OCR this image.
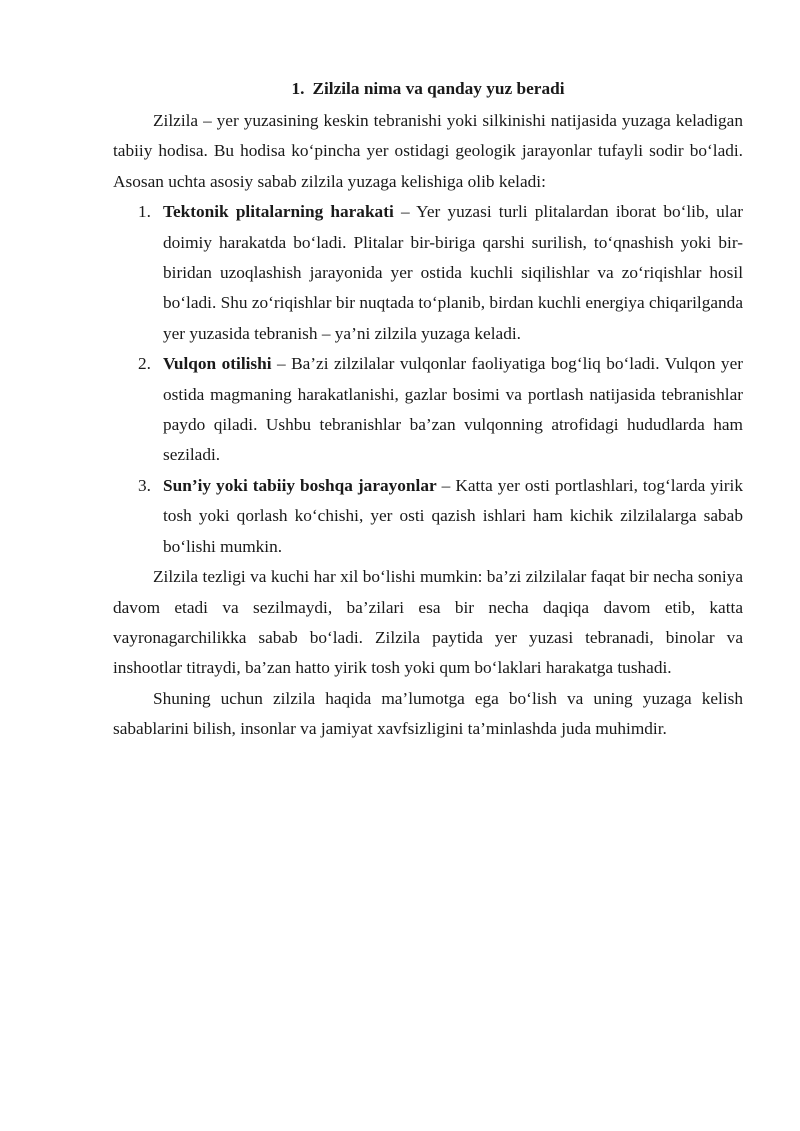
1. Zilzila nima va qanday yuz beradi

Zilzila – yer yuzasining keskin tebranishi yoki silkinishi natijasida yuzaga keladigan tabiiy hodisa. Bu hodisa ko‘pincha yer ostidagi geologik jarayonlar tufayli sodir bo‘ladi. Asosan uchta asosiy sabab zilzila yuzaga kelishiga olib keladi:

1. Tektonik plitalarning harakati – Yer yuzasi turli plitalardan iborat bo‘lib, ular doimiy harakatda bo‘ladi. Plitalar bir-biriga qarshi surilish, to‘qnashish yoki bir-biridan uzoqlashish jarayonida yer ostida kuchli siqilishlar va zo‘riqishlar hosil bo‘ladi. Shu zo‘riqishlar bir nuqtada to‘planib, birdan kuchli energiya chiqarilganda yer yuzasida tebranish – ya’ni zilzila yuzaga keladi.
2. Vulqon otilishi – Ba’zi zilzilalar vulqonlar faoliyatiga bog‘liq bo‘ladi. Vulqon yer ostida magmaning harakatlanishi, gazlar bosimi va portlash natijasida tebranishlar paydo qiladi. Ushbu tebranishlar ba’zan vulqonning atrofidagi hududlarda ham seziladi.
3. Sun’iy yoki tabiiy boshqa jarayonlar – Katta yer osti portlashlari, tog‘larda yirik tosh yoki qorlash ko‘chishi, yer osti qazish ishlari ham kichik zilzilalarga sabab bo‘lishi mumkin.

Zilzila tezligi va kuchi har xil bo‘lishi mumkin: ba’zi zilzilalar faqat bir necha soniya davom etadi va sezilmaydi, ba’zilari esa bir necha daqiqa davom etib, katta vayronagarchilikka sabab bo‘ladi. Zilzila paytida yer yuzasi tebranadi, binolar va inshootlar titraydi, ba’zan hatto yirik tosh yoki qum bo‘laklari harakatga tushadi.

Shuning uchun zilzila haqida ma’lumotga ega bo‘lish va uning yuzaga kelish sabablarini bilish, insonlar va jamiyat xavfsizligini ta’minlashda juda muhimdir.
